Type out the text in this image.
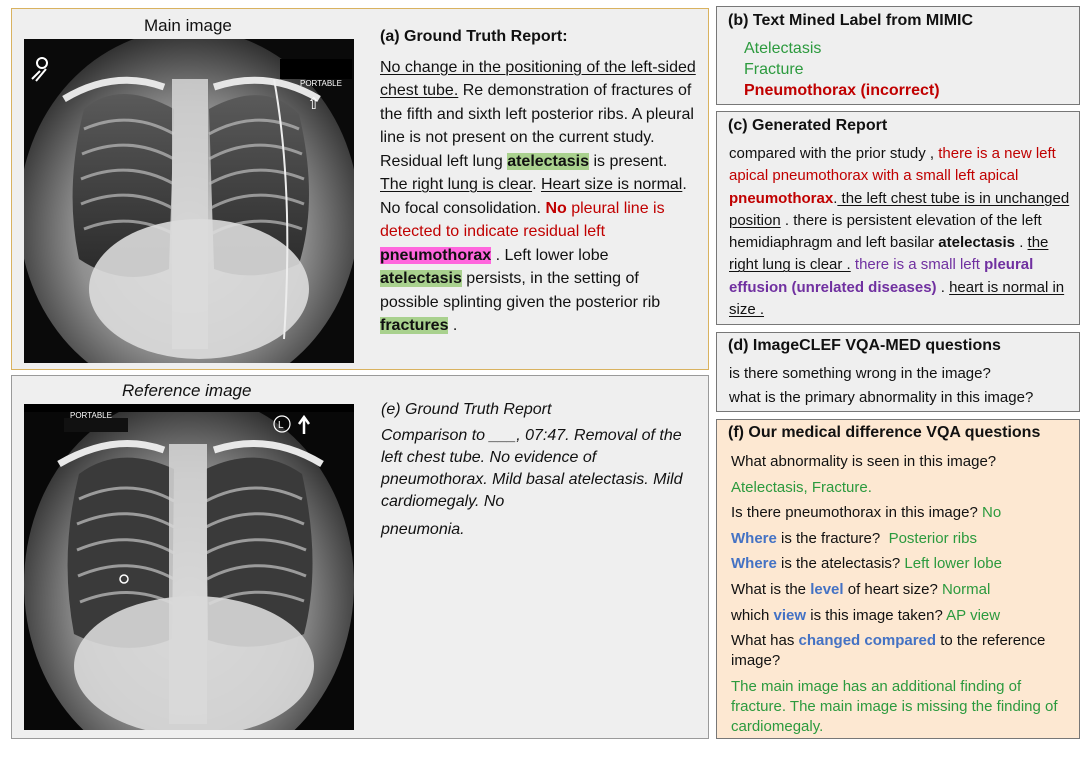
Main image
PORTABLE
⇧
(a) Ground Truth Report:
No change in the positioning of the left-sided chest tube. Re demonstration of fractures of the fifth and sixth left posterior ribs. A pleural line is not present on the current study. Residual left lung atelectasis is present. The right lung is clear. Heart size is normal. No focal consolidation. No pleural line is detected to indicate residual left
pneumothorax . Left lower lobe
atelectasis persists, in the setting of possible splinting given the posterior rib
fractures .
Reference image
PORTABLE
L
(e) Ground Truth Report
Comparison to ___, 07:47. Removal of the left chest tube. No evidence of pneumothorax. Mild basal atelectasis. Mild cardiomegaly. No
pneumonia.
(b) Text Mined Label from MIMIC
Atelectasis
Fracture
Pneumothorax (incorrect)
(c) Generated Report
compared with the prior study , there is a new left apical pneumothorax with a small left apical pneumothorax. the left chest tube is in unchanged position . there is persistent elevation of the left hemidiaphragm and left basilar atelectasis . the right lung is clear . there is a small left pleural effusion (unrelated diseases) . heart is normal in size .
(d) ImageCLEF VQA-MED questions
is there something wrong in the image?
what is the primary abnormality in this image?
(f) Our medical difference VQA questions
What abnormality is seen in this image?
Atelectasis, Fracture.
Is there pneumothorax in this image? No
Where is the fracture? Posterior ribs
Where is the atelectasis? Left lower lobe
What is the level of heart size? Normal
which view is this image taken? AP view
What has changed compared to the reference image?
The main image has an additional finding of fracture. The main image is missing the finding of cardiomegaly.
